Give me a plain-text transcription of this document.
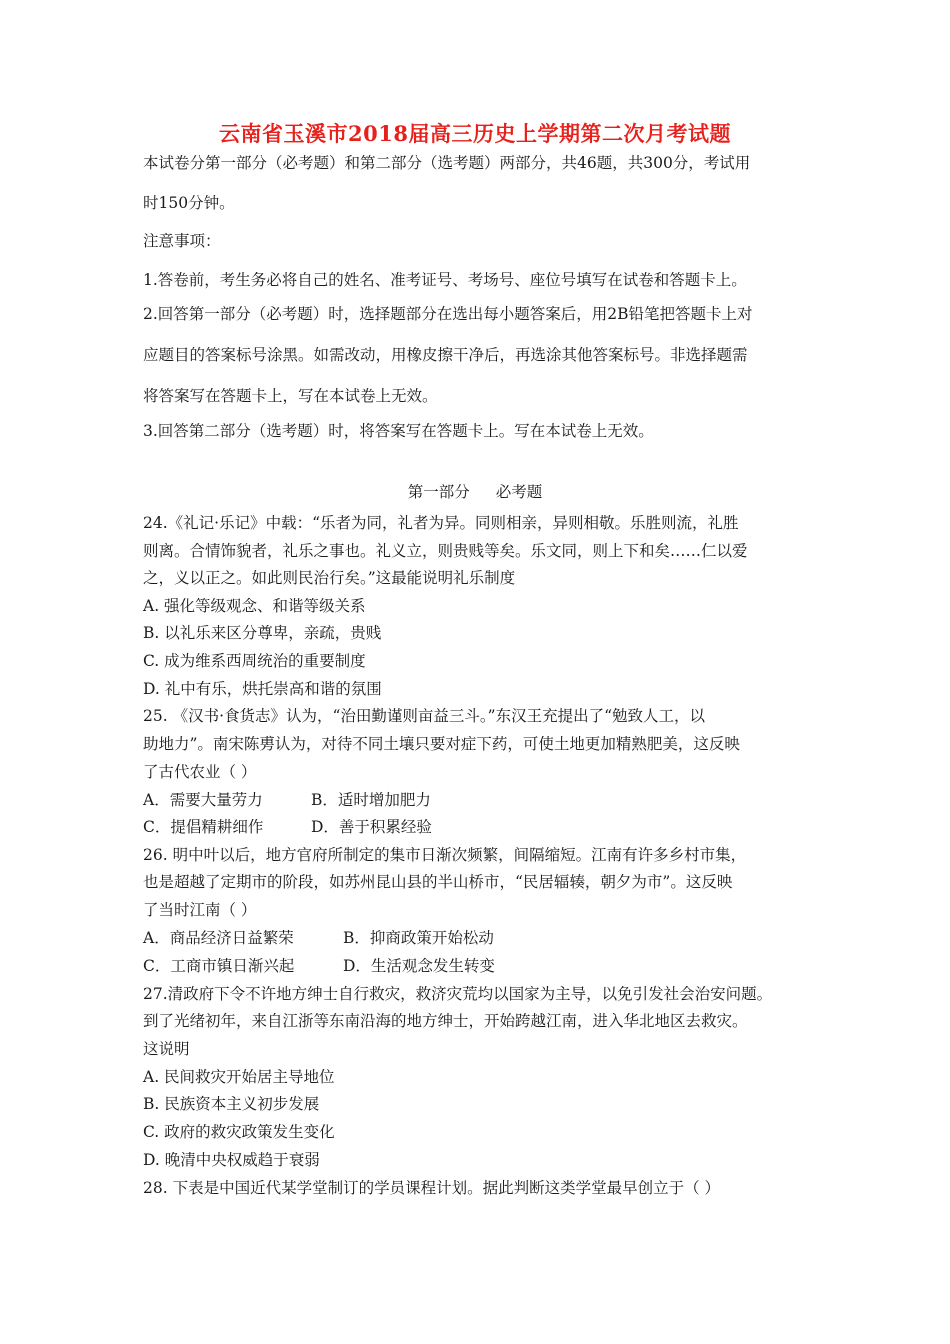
云南省玉溪市2018届高三历史上学期第二次月考试题
本试卷分第一部分（必考题）和第二部分（选考题）两部分，共46题，共300分，考试用
时150分钟。
注意事项：
1.答卷前，考生务必将自己的姓名、准考证号、考场号、座位号填写在试卷和答题卡上。
2.回答第一部分（必考题）时，选择题部分在选出每小题答案后，用2B铅笔把答题卡上对
应题目的答案标号涂黑。如需改动，用橡皮擦干净后，再选涂其他答案标号。非选择题需
将答案写在答题卡上，写在本试卷上无效。
3.回答第二部分（选考题）时，将答案写在答题卡上。写在本试卷上无效。
第一部分 必考题
24.《礼记·乐记》中载：“乐者为同，礼者为异。同则相亲，异则相敬。乐胜则流，礼胜
则离。合情饰貌者，礼乐之事也。礼义立，则贵贱等矣。乐文同，则上下和矣……仁以爱
之，义以正之。如此则民治行矣。”这最能说明礼乐制度
A. 强化等级观念、和谐等级关系
B. 以礼乐来区分尊卑，亲疏，贵贱
C. 成为维系西周统治的重要制度
D. 礼中有乐，烘托崇高和谐的氛围
25. 《汉书·食货志》认为，“治田勤谨则亩益三斗。”东汉王充提出了“勉致人工，以
助地力”。南宋陈旉认为，对待不同土壤只要对症下药，可使土地更加精熟肥美，这反映
了古代农业（ ）
A．需要大量劳力	B．适时增加肥力
C．提倡精耕细作	D．善于积累经验
26. 明中叶以后，地方官府所制定的集市日渐次频繁，间隔缩短。江南有许多乡村市集，
也是超越了定期市的阶段，如苏州昆山县的半山桥市，“民居辐辏，朝夕为市”。这反映
了当时江南（ ）
A．商品经济日益繁荣	B．抑商政策开始松动
C．工商市镇日渐兴起	D．生活观念发生转变
27.清政府下令不许地方绅士自行救灾，救济灾荒均以国家为主导，以免引发社会治安问题。
到了光绪初年，来自江浙等东南沿海的地方绅士，开始跨越江南，进入华北地区去救灾。
这说明
A. 民间救灾开始居主导地位
B. 民族资本主义初步发展
C. 政府的救灾政策发生变化
D. 晚清中央权威趋于衰弱
28. 下表是中国近代某学堂制订的学员课程计划。据此判断这类学堂最早创立于（ ）
